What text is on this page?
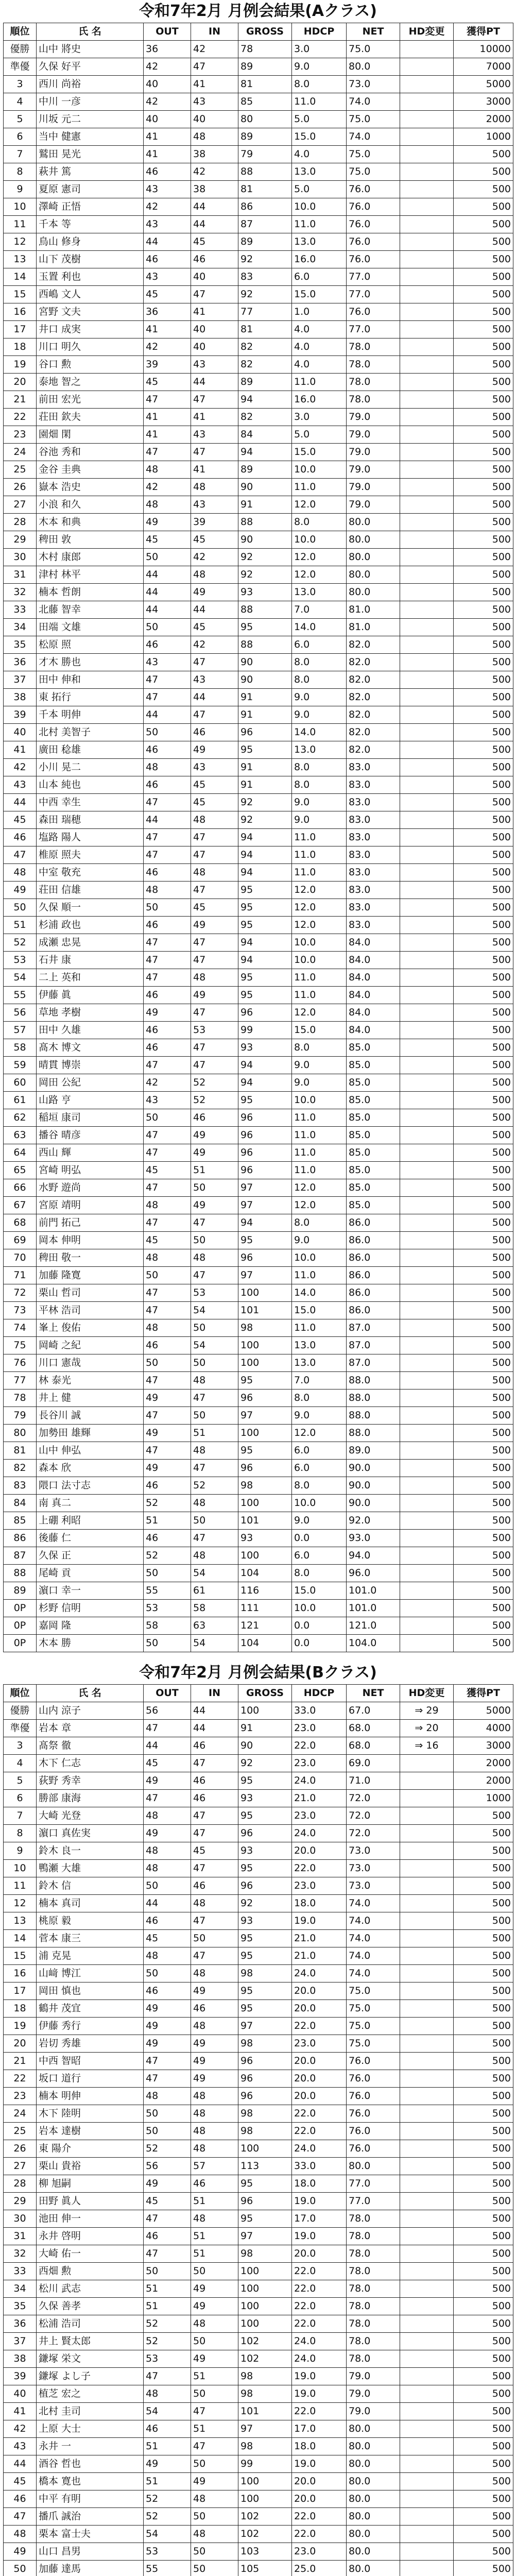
令和7年2月 月例会結果(Aクラス)
順位	氏 名	OUT	IN	GROSS	HDCP	NET	HD変更	獲得PT
優勝	山中 將史	36	42	78	3.0	75.0		10000
準優	久保 好平	42	47	89	9.0	80.0		7000
3	西川 尚裕	40	41	81	8.0	73.0		5000
4	中川 一彦	42	43	85	11.0	74.0		3000
5	川坂 元二	40	40	80	5.0	75.0		2000
6	当中 健憲	41	48	89	15.0	74.0		1000
7	鷲田 晃光	41	38	79	4.0	75.0		500
8	萩井 篤	46	42	88	13.0	75.0		500
9	夏原 憲司	43	38	81	5.0	76.0		500
10	澤崎 正悟	42	44	86	10.0	76.0		500
11	千本 等	43	44	87	11.0	76.0		500
12	鳥山 修身	44	45	89	13.0	76.0		500
13	山下 茂樹	46	46	92	16.0	76.0		500
14	玉置 利也	43	40	83	6.0	77.0		500
15	西嶋 文人	45	47	92	15.0	77.0		500
16	宮野 文夫	36	41	77	1.0	76.0		500
17	井口 成実	41	40	81	4.0	77.0		500
18	川口 明久	42	40	82	4.0	78.0		500
19	谷口 勲	39	43	82	4.0	78.0		500
20	泰地 智之	45	44	89	11.0	78.0		500
21	前田 宏光	47	47	94	16.0	78.0		500
22	荘田 欽夫	41	41	82	3.0	79.0		500
23	園畑 閑	41	43	84	5.0	79.0		500
24	谷池 秀和	47	47	94	15.0	79.0		500
25	金谷 圭典	48	41	89	10.0	79.0		500
26	嶽本 浩史	42	48	90	11.0	79.0		500
27	小浪 和久	48	43	91	12.0	79.0		500
28	木本 和典	49	39	88	8.0	80.0		500
29	稗田 敦	45	45	90	10.0	80.0		500
30	木村 康郎	50	42	92	12.0	80.0		500
31	津村 林平	44	48	92	12.0	80.0		500
32	楠本 哲朗	44	49	93	13.0	80.0		500
33	北藤 智幸	44	44	88	7.0	81.0		500
34	田端 文雄	50	45	95	14.0	81.0		500
35	松原 照	46	42	88	6.0	82.0		500
36	才木 勝也	43	47	90	8.0	82.0		500
37	田中 伸和	47	43	90	8.0	82.0		500
38	東 拓行	47	44	91	9.0	82.0		500
39	千本 明伸	44	47	91	9.0	82.0		500
40	北村 美智子	50	46	96	14.0	82.0		500
41	廣田 稔雄	46	49	95	13.0	82.0		500
42	小川 晃二	48	43	91	8.0	83.0		500
43	山本 純也	46	45	91	8.0	83.0		500
44	中西 幸生	47	45	92	9.0	83.0		500
45	森田 瑞穂	44	48	92	9.0	83.0		500
46	塩路 陽人	47	47	94	11.0	83.0		500
47	椎原 照夫	47	47	94	11.0	83.0		500
48	中室 敬充	46	48	94	11.0	83.0		500
49	荘田 信雄	48	47	95	12.0	83.0		500
50	久保 順一	50	45	95	12.0	83.0		500
51	杉浦 政也	46	49	95	12.0	83.0		500
52	成瀬 忠晃	47	47	94	10.0	84.0		500
53	石井 康	47	47	94	10.0	84.0		500
54	二上 英和	47	48	95	11.0	84.0		500
55	伊藤 眞	46	49	95	11.0	84.0		500
56	草地 孝樹	49	47	96	12.0	84.0		500
57	田中 久雄	46	53	99	15.0	84.0		500
58	髙木 博文	46	47	93	8.0	85.0		500
59	晴貫 博崇	47	47	94	9.0	85.0		500
60	岡田 公紀	42	52	94	9.0	85.0		500
61	山路 亨	43	52	95	10.0	85.0		500
62	稲垣 康司	50	46	96	11.0	85.0		500
63	播谷 晴彦	47	49	96	11.0	85.0		500
64	西山 輝	47	49	96	11.0	85.0		500
65	宮崎 明弘	45	51	96	11.0	85.0		500
66	水野 遊尚	47	50	97	12.0	85.0		500
67	宮原 靖明	48	49	97	12.0	85.0		500
68	前門 拓己	47	47	94	8.0	86.0		500
69	岡本 伸明	45	50	95	9.0	86.0		500
70	稗田 敬一	48	48	96	10.0	86.0		500
71	加藤 隆寛	50	47	97	11.0	86.0		500
72	栗山 哲司	47	53	100	14.0	86.0		500
73	平林 浩司	47	54	101	15.0	86.0		500
74	峯上 俊佑	48	50	98	11.0	87.0		500
75	岡崎 之紀	46	54	100	13.0	87.0		500
76	川口 憲哉	50	50	100	13.0	87.0		500
77	林 泰光	47	48	95	7.0	88.0		500
78	井上 健	49	47	96	8.0	88.0		500
79	長谷川 誠	47	50	97	9.0	88.0		500
80	加勢田 雄輝	49	51	100	12.0	88.0		500
81	山中 伸弘	47	48	95	6.0	89.0		500
82	森本 欣	49	47	96	6.0	90.0		500
83	隈口 法寸志	46	52	98	8.0	90.0		500
84	南 真二	52	48	100	10.0	90.0		500
85	上硼 利昭	51	50	101	9.0	92.0		500
86	後藤 仁	46	47	93	0.0	93.0		500
87	久保 正	52	48	100	6.0	94.0		500
88	尾崎 貢	50	54	104	8.0	96.0		500
89	濵口 幸一	55	61	116	15.0	101.0		500
0P	杉野 信明	53	58	111	10.0	101.0		500
0P	嘉岡 隆	58	63	121	0.0	121.0		500
0P	木本 勝	50	54	104	0.0	104.0		500
令和7年2月 月例会結果(Bクラス)
順位	氏 名	OUT	IN	GROSS	HDCP	NET	HD変更	獲得PT
優勝	山内 涼子	56	44	100	33.0	67.0	⇒ 29	5000
準優	岩本 章	47	44	91	23.0	68.0	⇒ 20	4000
3	髙祭 徹	44	46	90	22.0	68.0	⇒ 16	3000
4	木下 仁志	45	47	92	23.0	69.0		2000
5	荻野 秀幸	49	46	95	24.0	71.0		2000
6	勝部 康海	47	46	93	21.0	72.0		1000
7	大崎 光登	48	47	95	23.0	72.0		500
8	濵口 真佐実	49	47	96	24.0	72.0		500
9	鈴木 良一	48	45	93	20.0	73.0		500
10	鴨瀬 大雄	48	47	95	22.0	73.0		500
11	鈴木 信	50	46	96	23.0	73.0		500
12	楠本 真司	44	48	92	18.0	74.0		500
13	桃原 毅	46	47	93	19.0	74.0		500
14	菅本 康三	45	50	95	21.0	74.0		500
15	浦 克晃	48	47	95	21.0	74.0		500
16	山﨑 博江	50	48	98	24.0	74.0		500
17	岡田 慎也	46	49	95	20.0	75.0		500
18	鶴井 茂宜	49	46	95	20.0	75.0		500
19	伊藤 秀行	49	48	97	22.0	75.0		500
20	岩切 秀雄	49	49	98	23.0	75.0		500
21	中西 智昭	47	49	96	20.0	76.0		500
22	坂口 道行	47	49	96	20.0	76.0		500
23	楠本 明伸	48	48	96	20.0	76.0		500
24	木下 陸明	50	48	98	22.0	76.0		500
25	岩本 達樹	50	48	98	22.0	76.0		500
26	東 陽介	52	48	100	24.0	76.0		500
27	栗山 貴裕	56	57	113	33.0	80.0		500
28	柳 旭嗣	49	46	95	18.0	77.0		500
29	田野 眞人	45	51	96	19.0	77.0		500
30	池田 伸一	47	48	95	17.0	78.0		500
31	永井 啓明	46	51	97	19.0	78.0		500
32	大崎 佑一	47	51	98	20.0	78.0		500
33	西畑 勲	50	50	100	22.0	78.0		500
34	松川 武志	51	49	100	22.0	78.0		500
35	久保 善孝	51	49	100	22.0	78.0		500
36	松浦 浩司	52	48	100	22.0	78.0		500
37	井上 賢太郎	52	50	102	24.0	78.0		500
38	鎌塚 栄文	53	49	102	24.0	78.0		500
39	鎌塚 よし子	47	51	98	19.0	79.0		500
40	植芝 宏之	48	50	98	19.0	79.0		500
41	北村 圭司	54	47	101	22.0	79.0		500
42	上原 大士	46	51	97	17.0	80.0		500
43	永井 一	51	47	98	18.0	80.0		500
44	酒谷 哲也	49	50	99	19.0	80.0		500
45	橋本 寛也	51	49	100	20.0	80.0		500
46	中平 有明	52	48	100	20.0	80.0		500
47	播爪 誠治	52	50	102	22.0	80.0		500
48	栗本 富士夫	54	48	102	22.0	80.0		500
49	山口 昌男	53	50	103	23.0	80.0		500
50	加藤 達馬	55	50	105	25.0	80.0		500
